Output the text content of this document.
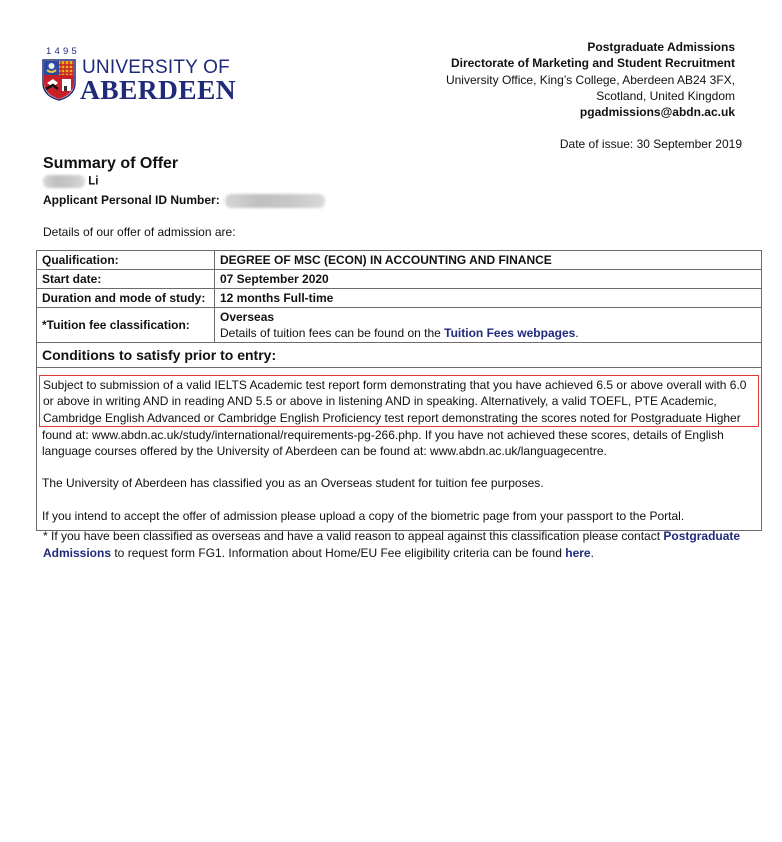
1495
UNIVERSITY OF
ABERDEEN
Postgraduate Admissions
Directorate of Marketing and Student Recruitment
University Office, King’s College, Aberdeen AB24 3FX,
Scotland, United Kingdom
pgadmissions@abdn.ac.uk
Date of issue: 30 September 2019
Summary of Offer
Li
Applicant Personal ID Number:
Details of our offer of admission are:
Qualification:	DEGREE OF MSC (ECON) IN ACCOUNTING AND FINANCE
Start date:	07 September 2020
Duration and mode of study:	12 months Full-time
*Tuition fee classification:	Overseas
Details of tuition fees can be found on the Tuition Fees webpages.

Conditions to satisfy prior to entry:	

Subject to submission of a valid IELTS Academic test report form demonstrating that you have achieved 6.5 or above overall with 6.0 or above in writing AND in reading AND 5.5 or above in listening AND in speaking. Alternatively, a valid TOEFL, PTE Academic, Cambridge English Advanced or Cambridge English Proficiency test report demonstrating the scores noted for Postgraduate Higher

found at: www.abdn.ac.uk/study/international/requirements-pg-266.php. If you have not achieved these scores, details of English language courses offered by the University of Aberdeen can be found at: www.abdn.ac.uk/languagecentre.

The University of Aberdeen has classified you as an Overseas student for tuition fee purposes.

If you intend to accept the offer of admission please upload a copy of the biometric page from your passport to the Portal.	

* If you have been classified as overseas and have a valid reason to appeal against this classification please contact Postgraduate Admissions to request form FG1. Information about Home/EU Fee eligibility criteria can be found here.
